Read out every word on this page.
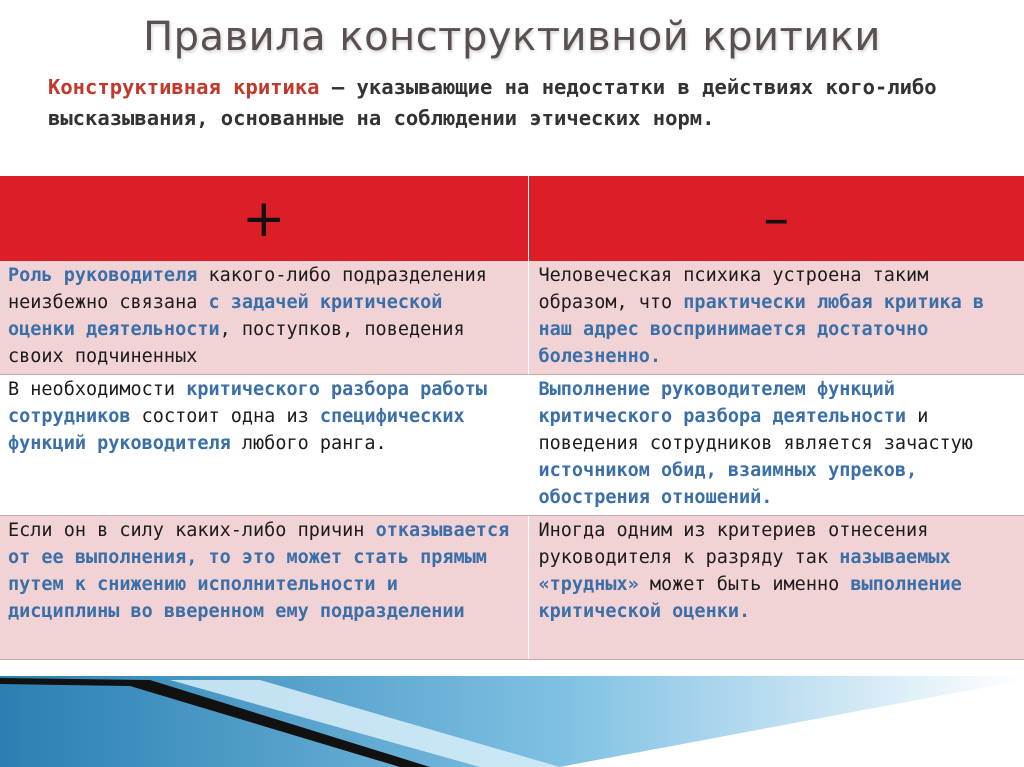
Правила конструктивной критики
Конструктивная критика — указывающие на недостатки в действиях кого-либо высказывания, основанные на соблюдении этических норм.
+	–
Роль руководителя какого-либо подразделения неизбежно связана с задачей критической оценки деятельности, поступков, поведения своих подчиненных	Человеческая психика устроена таким образом, что практически любая критика в наш адрес воспринимается достаточно болезненно.
В необходимости критического разбора работы сотрудников состоит одна из специфических функций руководителя любого ранга.	Выполнение руководителем функций критического разбора деятельности и поведения сотрудников является зачастую источником обид, взаимных упреков, обострения отношений.
Если он в силу каких-либо причин отказывается от ее выполнения, то это может стать прямым путем к снижению исполнительности и дисциплины во вверенном ему подразделении	Иногда одним из критериев отнесения руководителя к разряду так называемых «трудных» может быть именно выполнение критической оценки.
